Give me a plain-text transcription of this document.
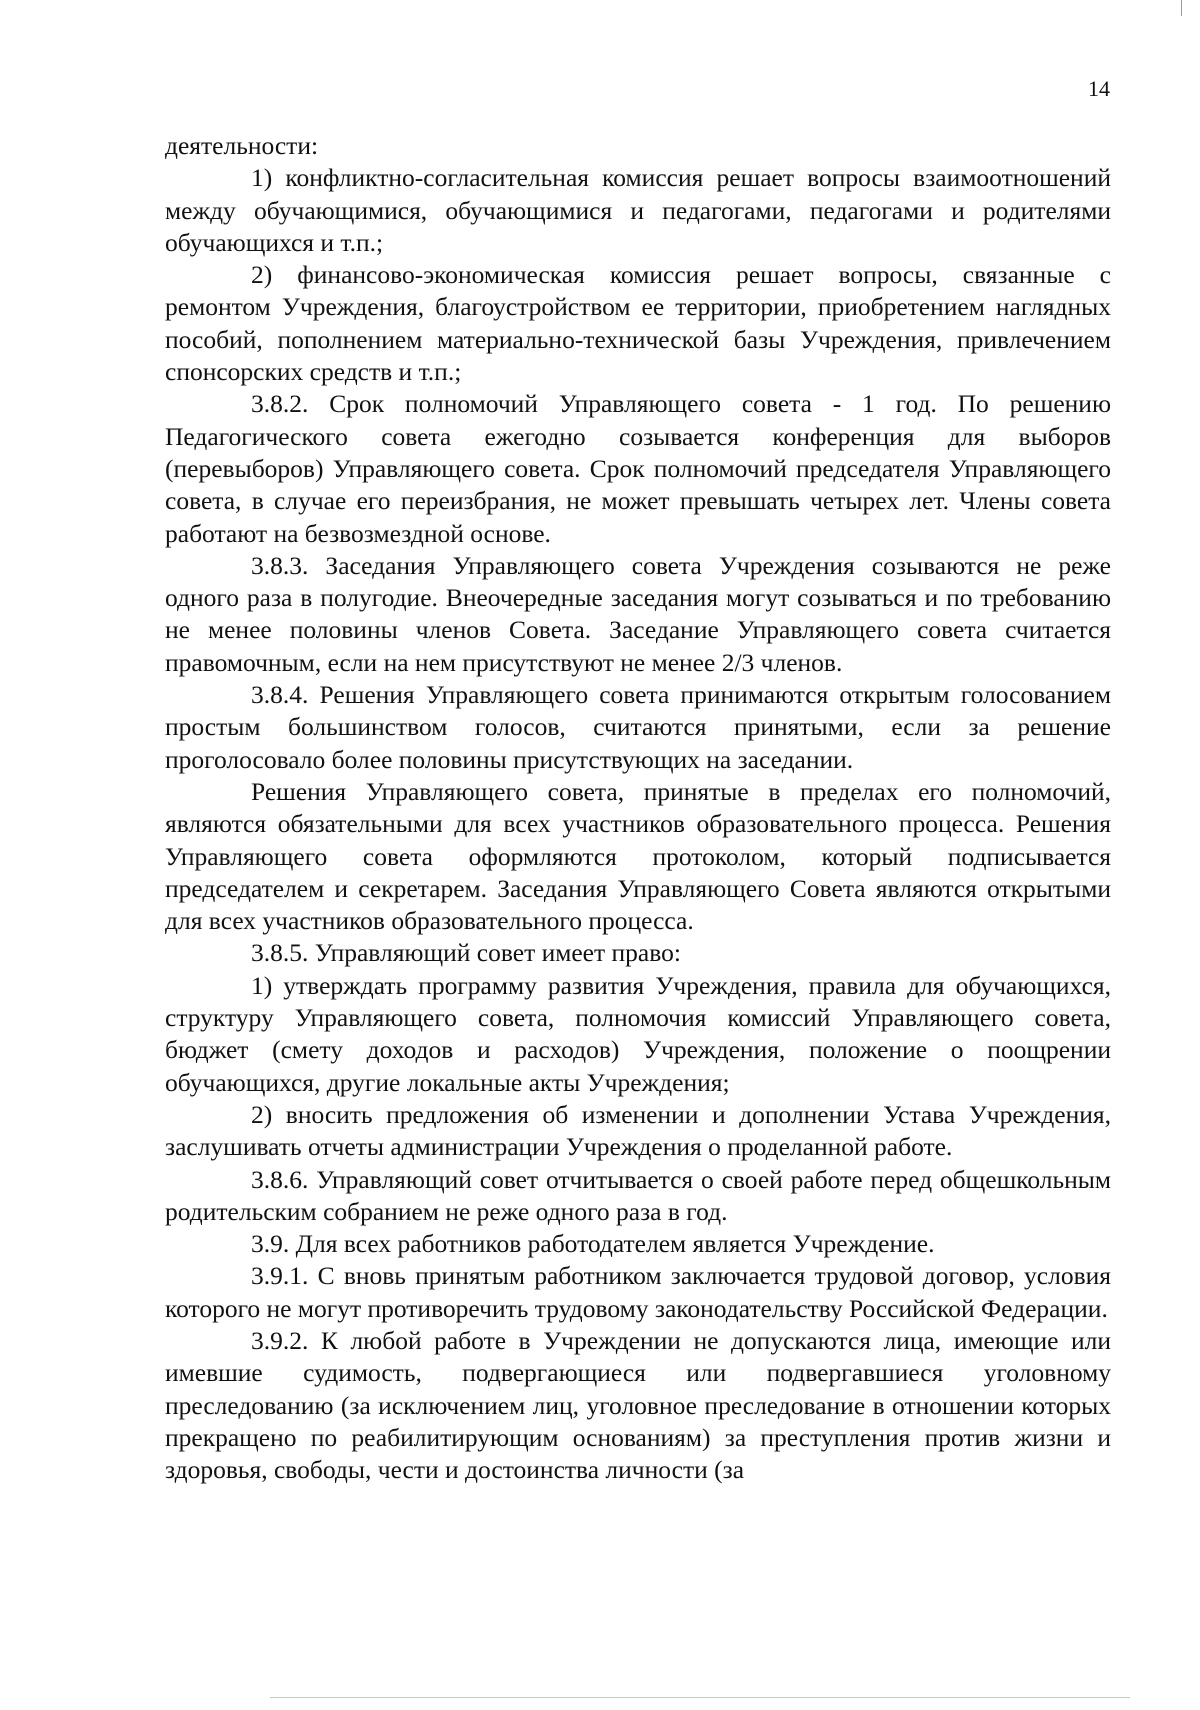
14

деятельности:

1) конфликтно-согласительная комиссия решает вопросы взаимоотношений между обучающимися, обучающимися и педагогами, педагогами и родителями обучающихся и т.п.;

2) финансово-экономическая комиссия решает вопросы, связанные с ремонтом Учреждения, благоустройством ее территории, приобретением наглядных пособий, пополнением материально-технической базы Учреждения, привлечением спонсорских средств и т.п.;

3.8.2. Срок полномочий Управляющего совета - 1 год. По решению Педагогического совета ежегодно созывается конференция для выборов (перевыборов) Управляющего совета. Срок полномочий председателя Управляющего совета, в случае его переизбрания, не может превышать четырех лет. Члены совета работают на безвозмездной основе.

3.8.3. Заседания Управляющего совета Учреждения созываются не реже одного раза в полугодие. Внеочередные заседания могут созываться и по требованию не менее половины членов Совета. Заседание Управляющего совета считается правомочным, если на нем присутствуют не менее 2/3 членов.

3.8.4. Решения Управляющего совета принимаются открытым голосованием простым большинством голосов, считаются принятыми, если за решение проголосовало более половины присутствующих на заседании.

Решения Управляющего совета, принятые в пределах его полномочий, являются обязательными для всех участников образовательного процесса. Решения Управляющего совета оформляются протоколом, который подписывается председателем и секретарем. Заседания Управляющего Совета являются открытыми для всех участников образовательного процесса.

3.8.5. Управляющий совет имеет право:

1) утверждать программу развития Учреждения, правила для обучающихся, структуру Управляющего совета, полномочия комиссий Управляющего совета, бюджет (смету доходов и расходов) Учреждения, положение о поощрении обучающихся, другие локальные акты Учреждения;

2) вносить предложения об изменении и дополнении Устава Учреждения, заслушивать отчеты администрации Учреждения о проделанной работе.

3.8.6. Управляющий совет отчитывается о своей работе перед общешкольным родительским собранием не реже одного раза в год.

3.9. Для всех работников работодателем является Учреждение.

3.9.1. С вновь принятым работником заключается трудовой договор, условия которого не могут противоречить трудовому законодательству Российской Федерации.

3.9.2. К любой работе в Учреждении не допускаются лица, имеющие или имевшие судимость, подвергающиеся или подвергавшиеся уголовному преследованию (за исключением лиц, уголовное преследование в отношении которых прекращено по реабилитирующим основаниям) за преступления против жизни и здоровья, свободы, чести и достоинства личности (за
